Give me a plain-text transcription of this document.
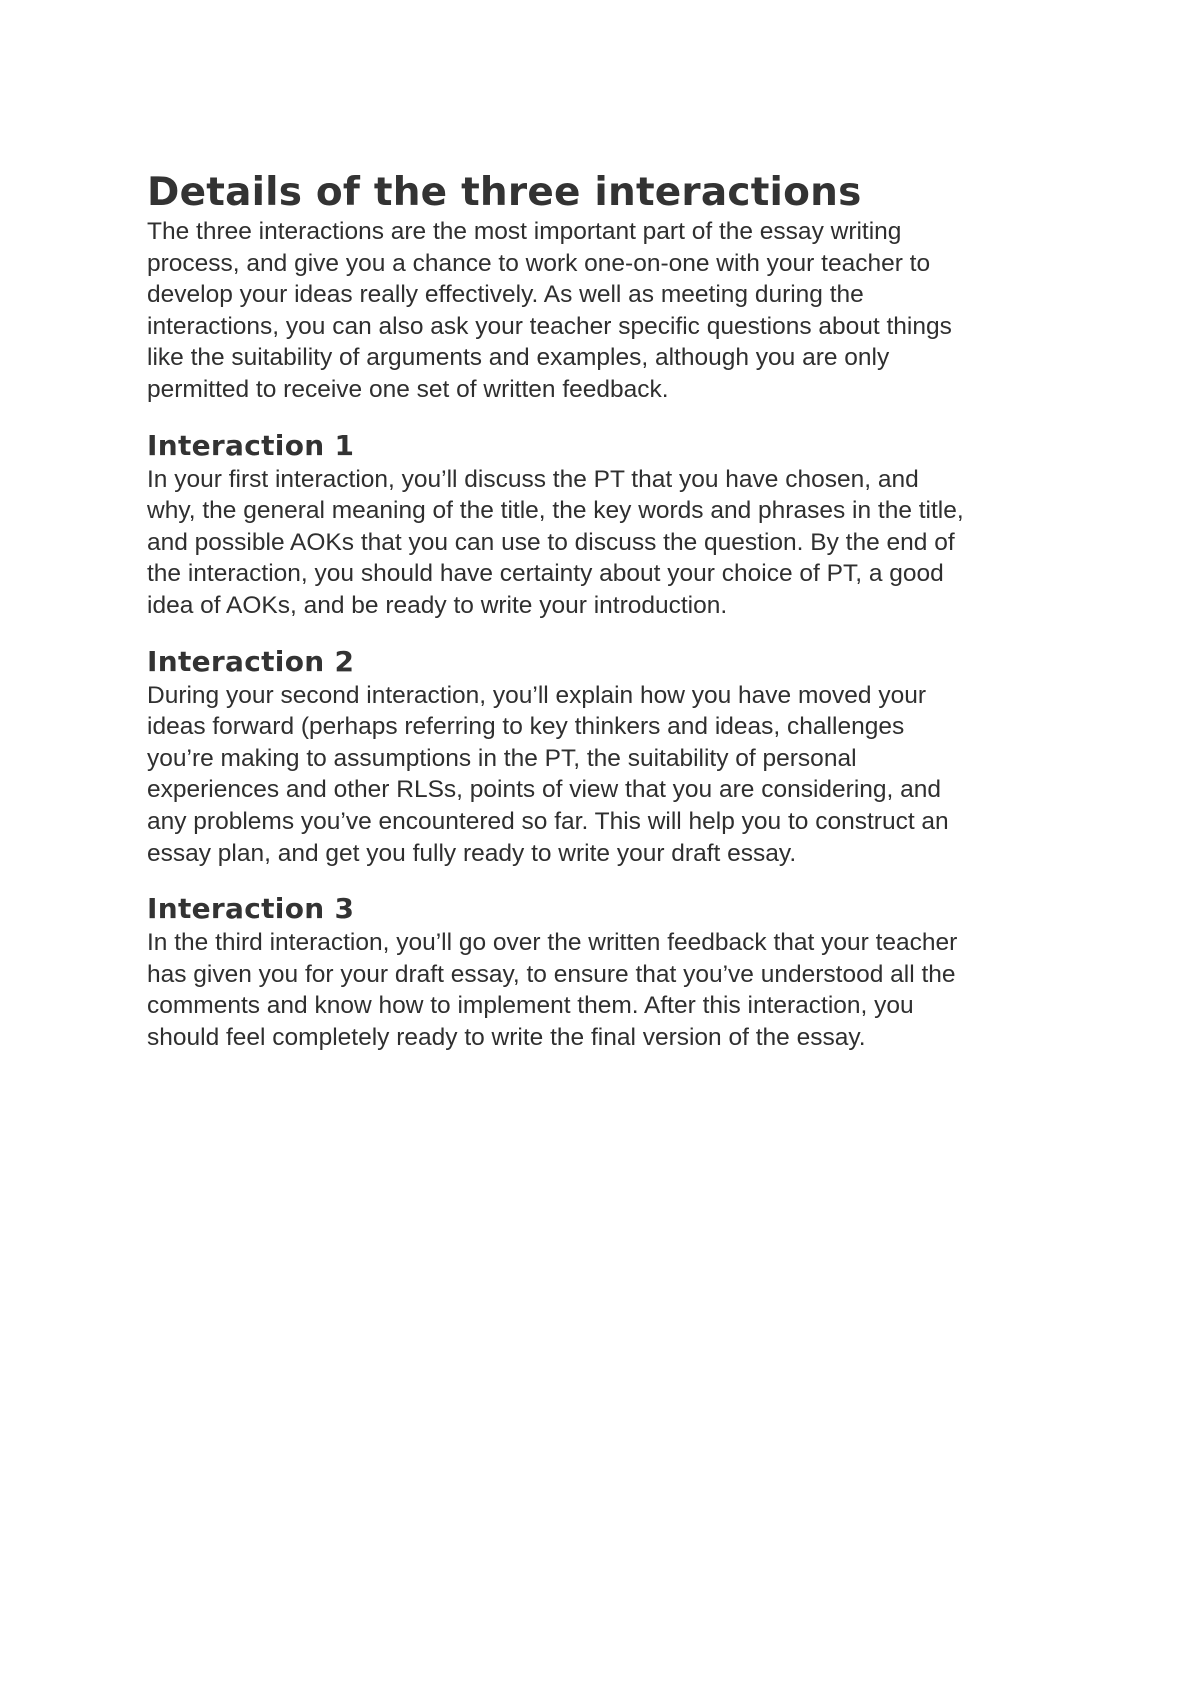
Details of the three interactions

The three interactions are the most important part of the essay writing
process, and give you a chance to work one-on-one with your teacher to
develop your ideas really effectively. As well as meeting during the
interactions, you can also ask your teacher specific questions about things
like the suitability of arguments and examples, although you are only
permitted to receive one set of written feedback.

Interaction 1

In your first interaction, you’ll discuss the PT that you have chosen, and
why, the general meaning of the title, the key words and phrases in the title,
and possible AOKs that you can use to discuss the question. By the end of
the interaction, you should have certainty about your choice of PT, a good
idea of AOKs, and be ready to write your introduction.

Interaction 2

During your second interaction, you’ll explain how you have moved your
ideas forward (perhaps referring to key thinkers and ideas, challenges
you’re making to assumptions in the PT, the suitability of personal
experiences and other RLSs, points of view that you are considering, and
any problems you’ve encountered so far. This will help you to construct an
essay plan, and get you fully ready to write your draft essay.

Interaction 3

In the third interaction, you’ll go over the written feedback that your teacher
has given you for your draft essay, to ensure that you’ve understood all the
comments and know how to implement them. After this interaction, you
should feel completely ready to write the final version of the essay.
